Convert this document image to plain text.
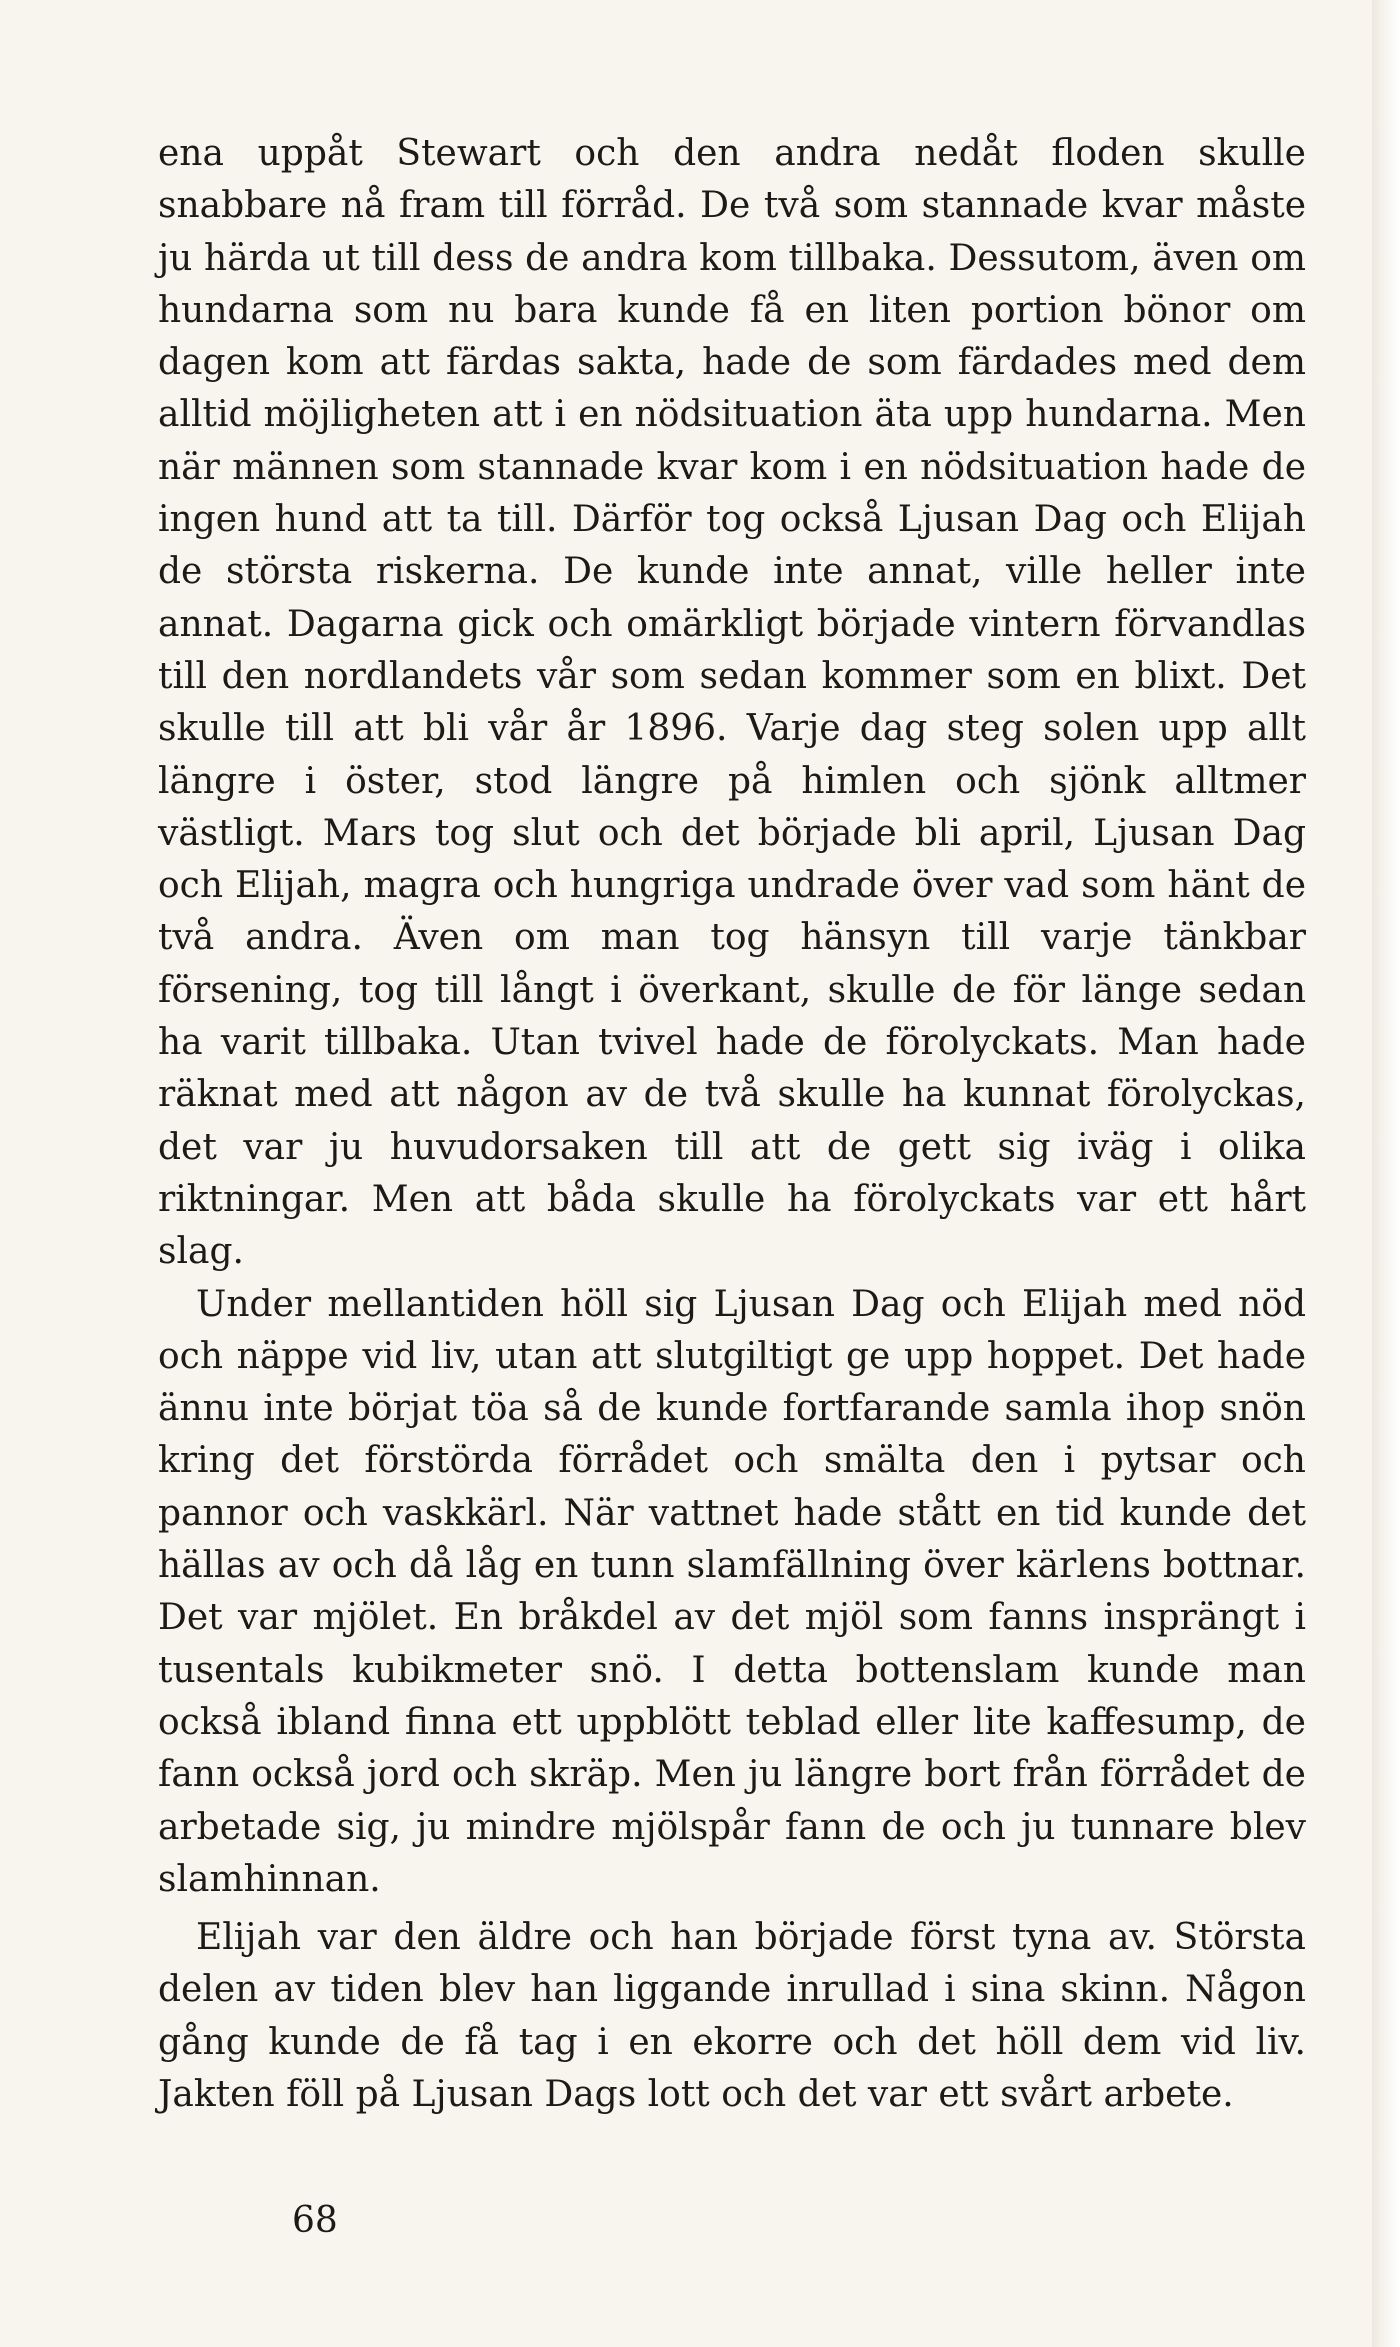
ena uppåt Stewart och den andra nedåt floden skulle snabbare nå fram till förråd. De två som stannade kvar måste ju härda ut till dess de andra kom tillbaka. Dessutom, även om hundarna som nu bara kunde få en liten portion bönor om dagen kom att färdas sakta, hade de som färdades med dem alltid möjligheten att i en nödsituation äta upp hundarna. Men när männen som stannade kvar kom i en nödsituation hade de ingen hund att ta till. Därför tog också Ljusan Dag och Elijah de största riskerna. De kunde inte annat, ville heller inte annat. Dagarna gick och omärkligt började vintern förvandlas till den nordlandets vår som sedan kommer som en blixt. Det skulle till att bli vår år 1896. Varje dag steg solen upp allt längre i öster, stod längre på himlen och sjönk alltmer västligt. Mars tog slut och det började bli april, Ljusan Dag och Elijah, magra och hungriga undrade över vad som hänt de två andra. Även om man tog hänsyn till varje tänkbar försening, tog till långt i överkant, skulle de för länge sedan ha varit tillbaka. Utan tvivel hade de förolyckats. Man hade räknat med att någon av de två skulle ha kunnat förolyckas, det var ju huvudorsaken till att de gett sig iväg i olika riktningar. Men att båda skulle ha förolyckats var ett hårt slag.

Under mellantiden höll sig Ljusan Dag och Elijah med nöd och näppe vid liv, utan att slutgiltigt ge upp hoppet. Det hade ännu inte börjat töa så de kunde fortfarande samla ihop snön kring det förstörda förrådet och smälta den i pytsar och pannor och vaskkärl. När vattnet hade stått en tid kunde det hällas av och då låg en tunn slamfällning över kärlens bottnar. Det var mjölet. En bråkdel av det mjöl som fanns insprängt i tusentals kubikmeter snö. I detta bottenslam kunde man också ibland finna ett uppblött teblad eller lite kaffesump, de fann också jord och skräp. Men ju längre bort från förrådet de arbetade sig, ju mindre mjölspår fann de och ju tunnare blev slamhinnan.

Elijah var den äldre och han började först tyna av. Största delen av tiden blev han liggande inrullad i sina skinn. Någon gång kunde de få tag i en ekorre och det höll dem vid liv. Jakten föll på Ljusan Dags lott och det var ett svårt arbete.

68
